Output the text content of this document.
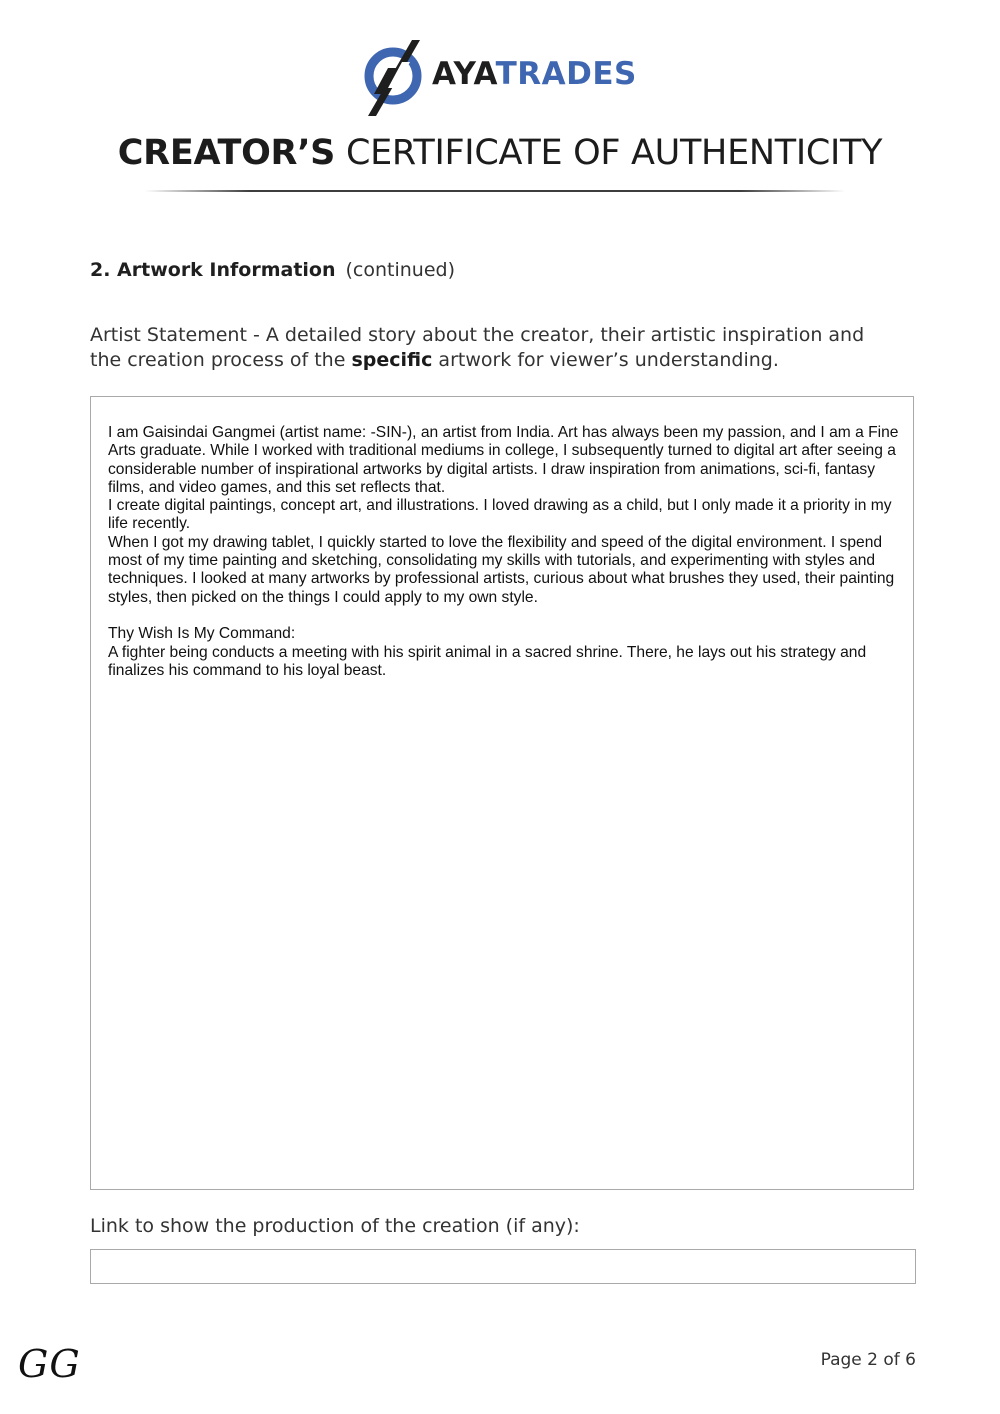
AYATRADES
CREATOR’S CERTIFICATE OF AUTHENTICITY
2. Artwork Information (continued)
Artist Statement - A detailed story about the creator, their artistic inspiration and the creation process of the specific artwork for viewer’s understanding.
I am Gaisindai Gangmei (artist name: -SIN-), an artist from India. Art has always been my passion, and I am a Fine Arts graduate. While I worked with traditional mediums in college, I subsequently turned to digital art after seeing a considerable number of inspirational artworks by digital artists. I draw inspiration from animations, sci-fi, fantasy films, and video games, and this set reflects that.
I create digital paintings, concept art, and illustrations. I loved drawing as a child, but I only made it a priority in my life recently.
When I got my drawing tablet, I quickly started to love the flexibility and speed of the digital environment. I spend most of my time painting and sketching, consolidating my skills with tutorials, and experimenting with styles and techniques. I looked at many artworks by professional artists, curious about what brushes they used, their painting styles, then picked on the things I could apply to my own style.

Thy Wish Is My Command:
A fighter being conducts a meeting with his spirit animal in a sacred shrine. There, he lays out his strategy and finalizes his command to his loyal beast.
Link to show the production of the creation (if any):
GG	Page 2 of 6
